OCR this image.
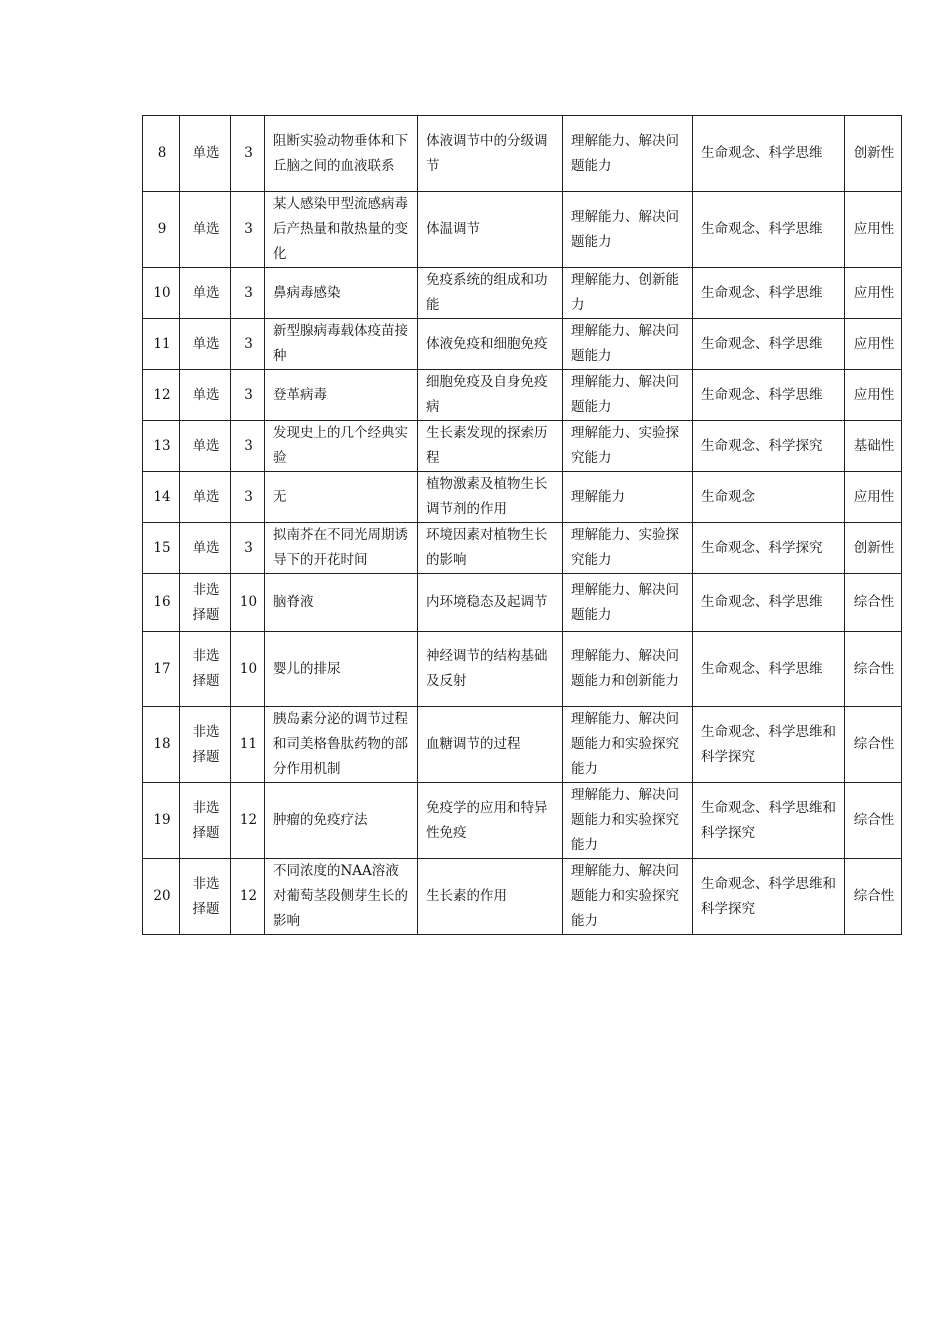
8	单选	3	阻断实验动物垂体和下丘脑之间的血液联系	体液调节中的分级调节	理解能力、解决问题能力	生命观念、科学思维	创新性
9	单选	3	某人感染甲型流感病毒后产热量和散热量的变化	体温调节	理解能力、解决问题能力	生命观念、科学思维	应用性
10	单选	3	鼻病毒感染	免疫系统的组成和功能	理解能力、创新能力	生命观念、科学思维	应用性
11	单选	3	新型腺病毒载体疫苗接种	体液免疫和细胞免疫	理解能力、解决问题能力	生命观念、科学思维	应用性
12	单选	3	登革病毒	细胞免疫及自身免疫病	理解能力、解决问题能力	生命观念、科学思维	应用性
13	单选	3	发现史上的几个经典实验	生长素发现的探索历程	理解能力、实验探究能力	生命观念、科学探究	基础性
14	单选	3	无	植物激素及植物生长调节剂的作用	理解能力	生命观念	应用性
15	单选	3	拟南芥在不同光周期诱导下的开花时间	环境因素对植物生长的影响	理解能力、实验探究能力	生命观念、科学探究	创新性
16	非选择题	10	脑脊液	内环境稳态及起调节	理解能力、解决问题能力	生命观念、科学思维	综合性
17	非选择题	10	婴儿的排尿	神经调节的结构基础及反射	理解能力、解决问题能力和创新能力	生命观念、科学思维	综合性
18	非选择题	11	胰岛素分泌的调节过程和司美格鲁肽药物的部分作用机制	血糖调节的过程	理解能力、解决问题能力和实验探究能力	生命观念、科学思维和科学探究	综合性
19	非选择题	12	肿瘤的免疫疗法	免疫学的应用和特异性免疫	理解能力、解决问题能力和实验探究能力	生命观念、科学思维和科学探究	综合性
20	非选择题	12	不同浓度的NAA溶液对葡萄茎段侧芽生长的影响	生长素的作用	理解能力、解决问题能力和实验探究能力	生命观念、科学思维和科学探究	综合性
